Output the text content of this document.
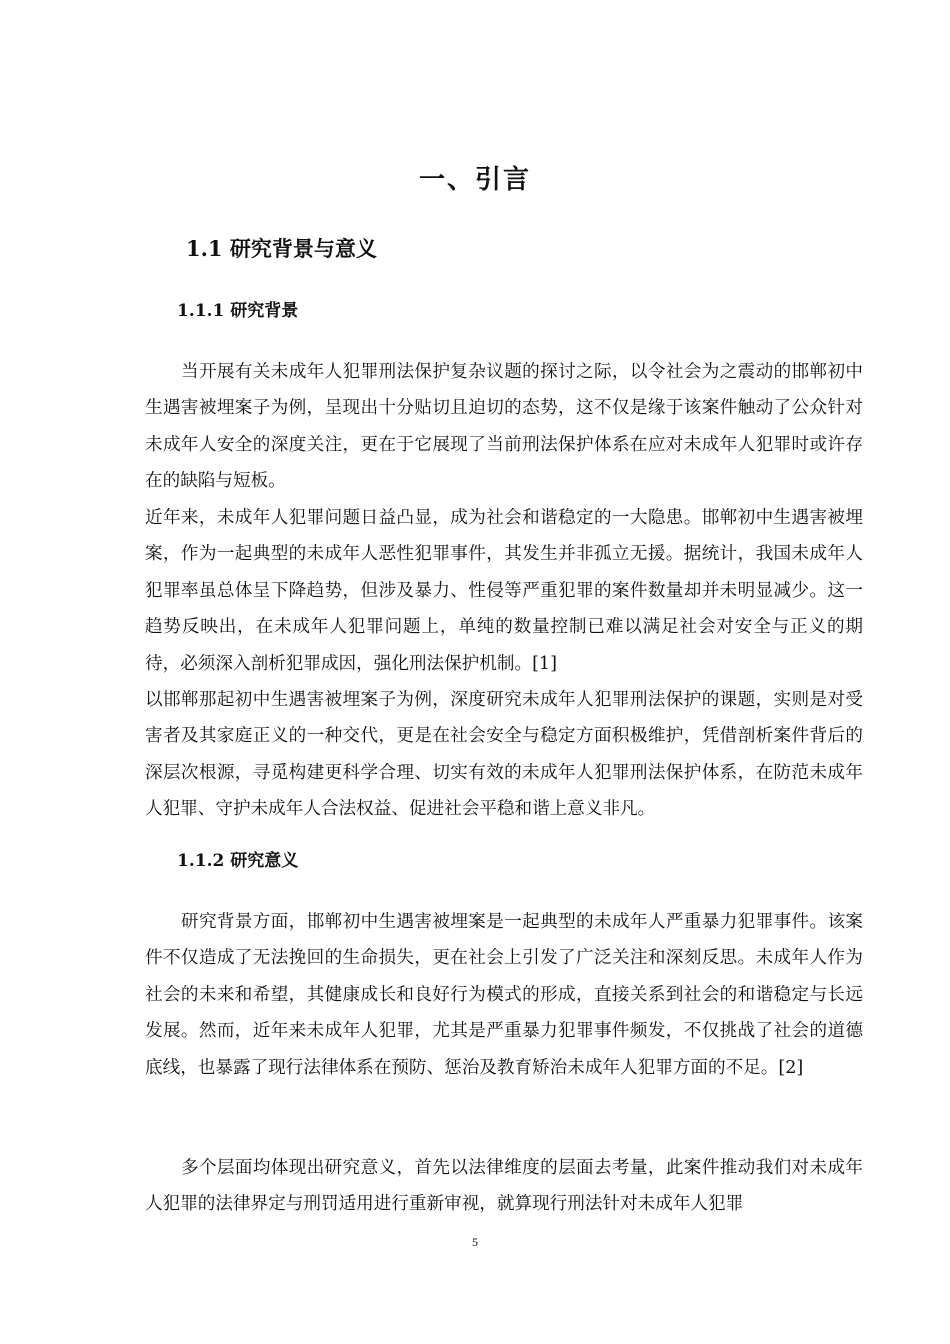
一、引言
1.1 研究背景与意义
1.1.1 研究背景

当开展有关未成年人犯罪刑法保护复杂议题的探讨之际，以令社会为之震动的邯郸初中生遇害被埋案子为例，呈现出十分贴切且迫切的态势，这不仅是缘于该案件触动了公众针对未成年人安全的深度关注，更在于它展现了当前刑法保护体系在应对未成年人犯罪时或许存在的缺陷与短板。

近年来，未成年人犯罪问题日益凸显，成为社会和谐稳定的一大隐患。邯郸初中生遇害被埋案，作为一起典型的未成年人恶性犯罪事件，其发生并非孤立无援。据统计，我国未成年人犯罪率虽总体呈下降趋势，但涉及暴力、性侵等严重犯罪的案件数量却并未明显减少。这一趋势反映出，在未成年人犯罪问题上，单纯的数量控制已难以满足社会对安全与正义的期待，必须深入剖析犯罪成因，强化刑法保护机制。[1]

以邯郸那起初中生遇害被埋案子为例，深度研究未成年人犯罪刑法保护的课题，实则是对受害者及其家庭正义的一种交代，更是在社会安全与稳定方面积极维护，凭借剖析案件背后的深层次根源，寻觅构建更科学合理、切实有效的未成年人犯罪刑法保护体系，在防范未成年人犯罪、守护未成年人合法权益、促进社会平稳和谐上意义非凡。

1.1.2 研究意义

研究背景方面，邯郸初中生遇害被埋案是一起典型的未成年人严重暴力犯罪事件。该案件不仅造成了无法挽回的生命损失，更在社会上引发了广泛关注和深刻反思。未成年人作为社会的未来和希望，其健康成长和良好行为模式的形成，直接关系到社会的和谐稳定与长远发展。然而，近年来未成年人犯罪，尤其是严重暴力犯罪事件频发，不仅挑战了社会的道德底线，也暴露了现行法律体系在预防、惩治及教育矫治未成年人犯罪方面的不足。[2]

多个层面均体现出研究意义，首先以法律维度的层面去考量，此案件推动我们对未成年人犯罪的法律界定与刑罚适用进行重新审视，就算现行刑法针对未成年人犯罪

5
